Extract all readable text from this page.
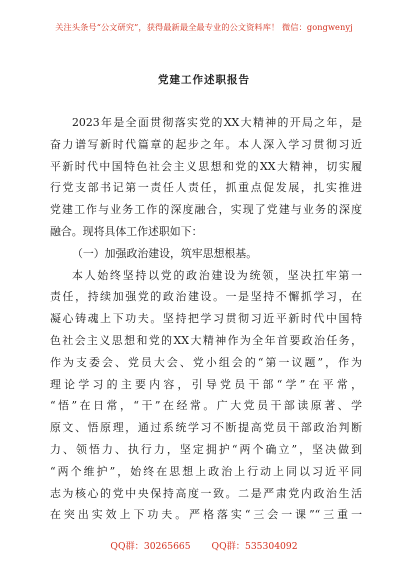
关注头条号“公文研究”，获得最新最全最专业的公文资料库！ 微信：gongwenyj
党建工作述职报告
2023年是全面贯彻落实党的XX大精神的开局之年，是
奋力谱写新时代篇章的起步之年。本人深入学习贯彻习近
平新时代中国特色社会主义思想和党的XX大精神，切实履
行党支部书记第一责任人责任，抓重点促发展，扎实推进
党建工作与业务工作的深度融合，实现了党建与业务的深度
融合。现将具体工作述职如下：
（一）加强政治建设，筑牢思想根基。
本人始终坚持以党的政治建设为统领，坚决扛牢第一
责任，持续加强党的政治建设。一是坚持不懈抓学习，在
凝心铸魂上下功夫。坚持把学习贯彻习近平新时代中国特
色社会主义思想和党的XX大精神作为全年首要政治任务，
作为支委会、党员大会、党小组会的“第一议题”，作为
理论学习的主要内容，引导党员干部“学”在平常，
“悟”在日常，“干”在经常。广大党员干部读原著、学
原文、悟原理，通过系统学习不断提高党员干部政治判断
力、领悟力、执行力，坚定拥护“两个确立”，坚决做到
“两个维护”，始终在思想上政治上行动上同以习近平同
志为核心的党中央保持高度一致。二是严肃党内政治生活
在突出实效上下功夫。严格落实“三会一课”“三重一
QQ群：30265665 QQ群：535304092
